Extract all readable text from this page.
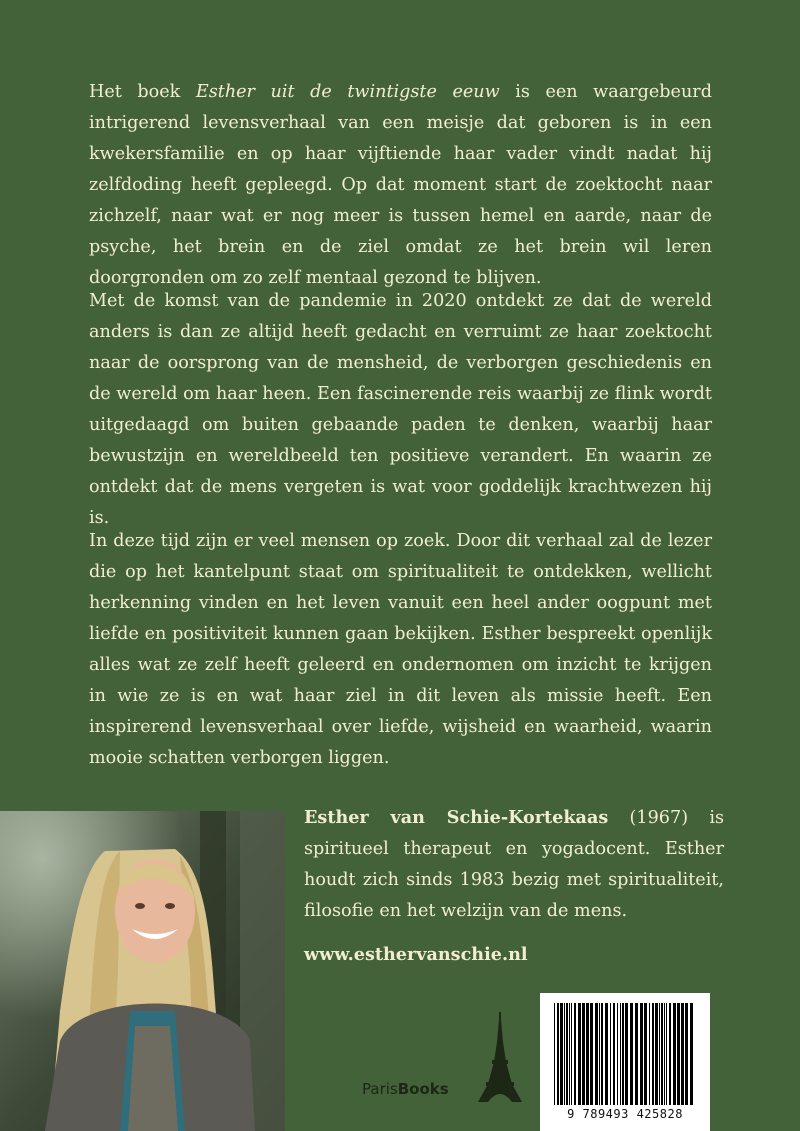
Het boek Esther uit de twintigste eeuw is een waargebeurd intrigerend levensverhaal van een meisje dat geboren is in een kwekersfamilie en op haar vijftiende haar vader vindt nadat hij zelfdoding heeft gepleegd. Op dat moment start de zoektocht naar zichzelf, naar wat er nog meer is tussen hemel en aarde, naar de psyche, het brein en de ziel omdat ze het brein wil leren doorgronden om zo zelf mentaal gezond te blijven.

Met de komst van de pandemie in 2020 ontdekt ze dat de wereld anders is dan ze altijd heeft gedacht en verruimt ze haar zoektocht naar de oorsprong van de mensheid, de verborgen geschiedenis en de wereld om haar heen. Een fascinerende reis waarbij ze flink wordt uitgedaagd om buiten gebaande paden te denken, waarbij haar bewustzijn en wereldbeeld ten positieve verandert. En waarin ze ontdekt dat de mens vergeten is wat voor goddelijk krachtwezen hij is.

In deze tijd zijn er veel mensen op zoek. Door dit verhaal zal de lezer die op het kantelpunt staat om spiritualiteit te ontdekken, wellicht herkenning vinden en het leven vanuit een heel ander oogpunt met liefde en positiviteit kunnen gaan bekijken. Esther bespreekt openlijk alles wat ze zelf heeft geleerd en ondernomen om inzicht te krijgen in wie ze is en wat haar ziel in dit leven als missie heeft. Een inspirerend levensverhaal over liefde, wijsheid en waarheid, waarin mooie schatten verborgen liggen.

Esther van Schie-Kortekaas (1967) is spiritueel therapeut en yogadocent. Esther houdt zich sinds 1983 bezig met spiritualiteit, filosofie en het welzijn van de mens.

www.esthervanschie.nl

ParisBooks
9 789493 425828
